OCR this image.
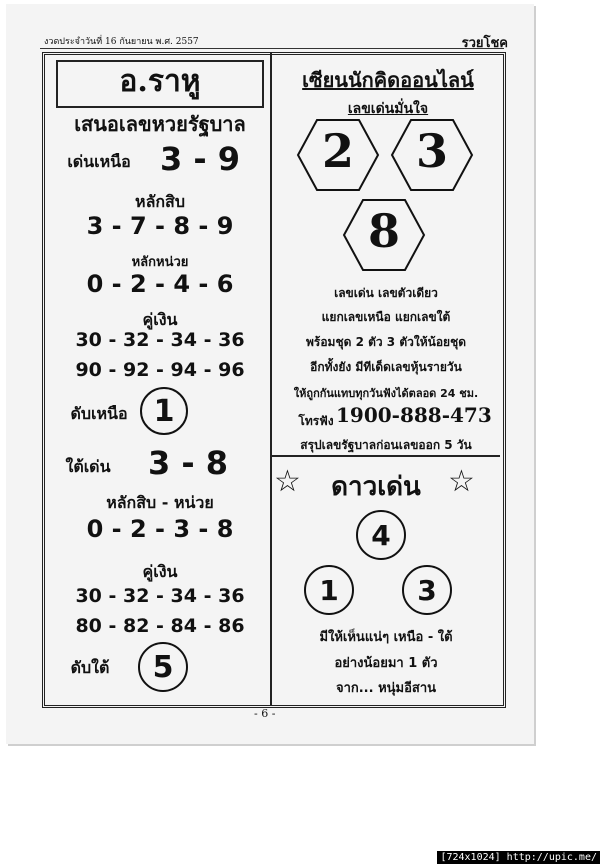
งวดประจำวันที่ 16 กันยายน พ.ศ. 2557	รวยโชค
อ.ราหู
เสนอเลขหวยรัฐบาล
เด่นเหนือ 3 - 9
หลักสิบ
3 - 7 - 8 - 9
หลักหน่วย
0 - 2 - 4 - 6
คู่เงิน
30 - 32 - 34 - 36
90 - 92 - 94 - 96
ดับเหนือ 1
ใต้เด่น	3 - 8
หลักสิบ - หน่วย
0 - 2 - 3 - 8
คู่เงิน
30 - 32 - 34 - 36
80 - 82 - 84 - 86
ดับใต้	5
เซียนนักคิดออนไลน์
เลขเด่นมั่นใจ
2	3
8
เลขเด่น เลขตัวเดียว
แยกเลขเหนือ แยกเลขใต้
พร้อมชุด 2 ตัว 3 ตัวให้น้อยชุด
อีกทั้งยัง มีทีเด็ดเลขหุ้นรายวัน
ให้ถูกกันแทบทุกวันฟังได้ตลอด 24 ชม.
โทรฟัง 1900-888-473
สรุปเลขรัฐบาลก่อนเลขออก 5 วัน
☆	☆
ดาวเด่น
4
1	3
มีให้เห็นแน่ๆ เหนือ - ใต้
อย่างน้อยมา 1 ตัว
จาก... หนุ่มอีสาน
- 6 -
[724x1024] http://upic.me/
